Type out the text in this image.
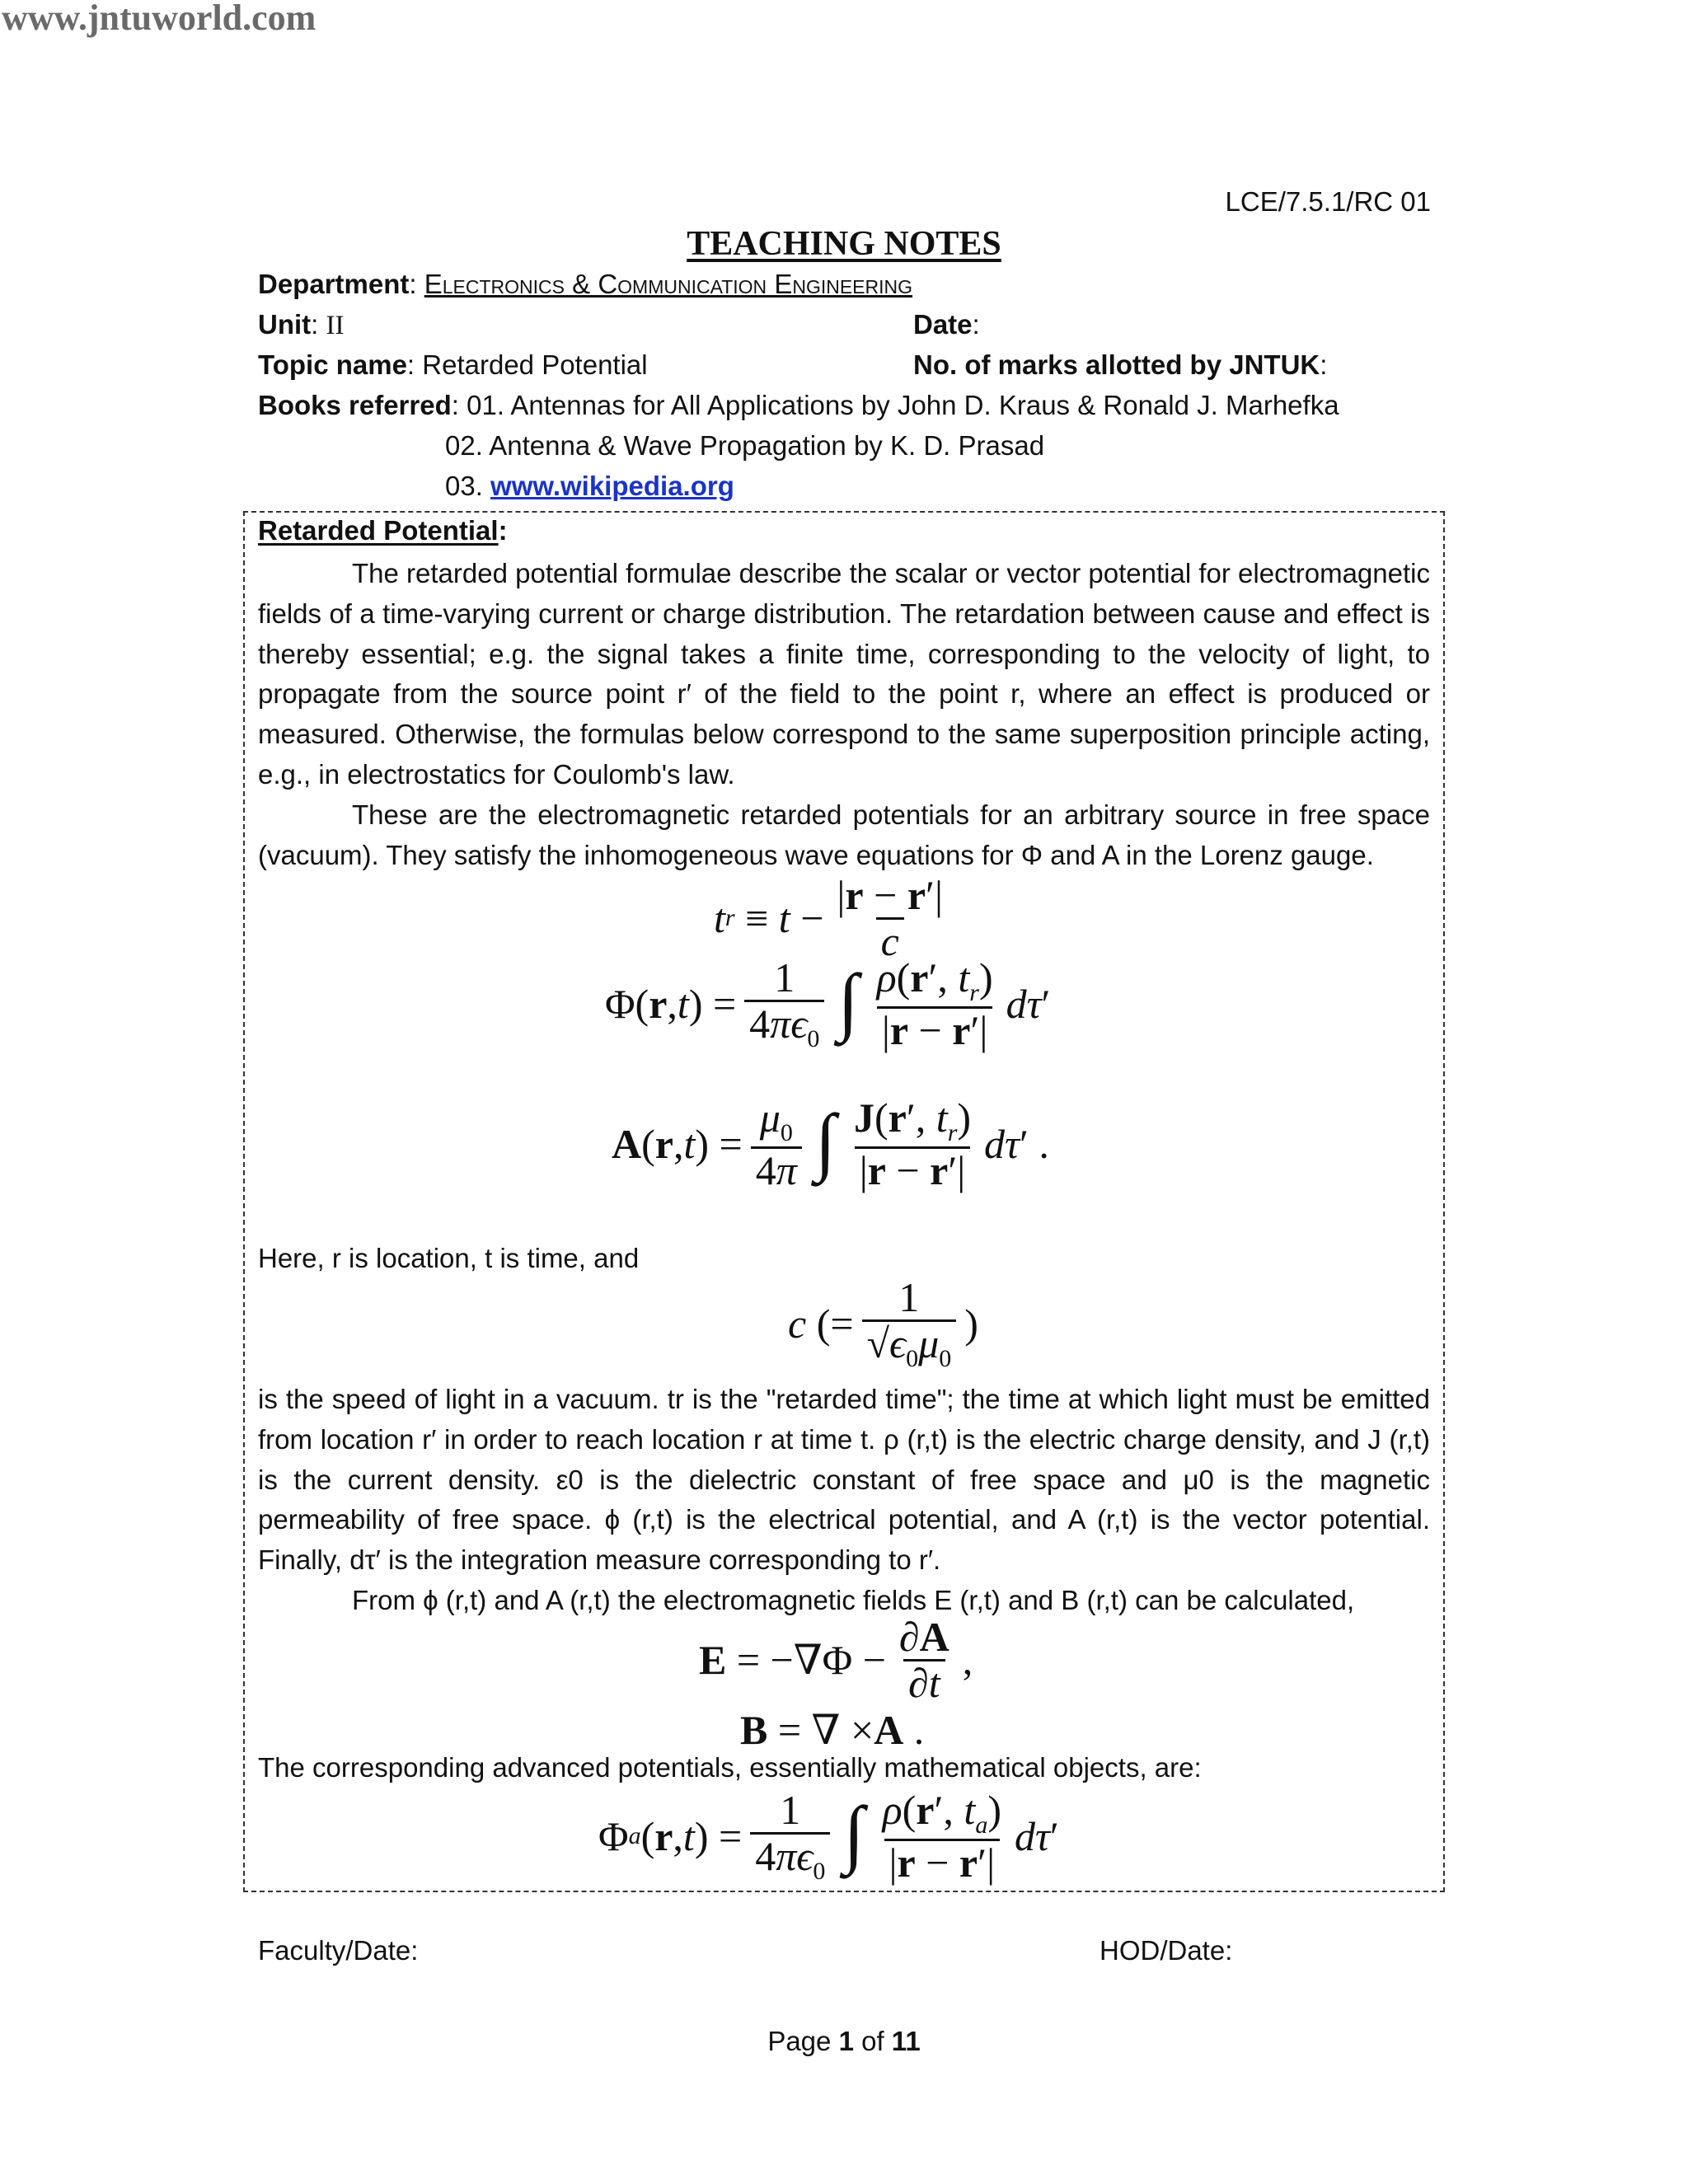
www.jntuworld.com
LCE/7.5.1/RC 01
TEACHING NOTES
Department: Electronics & Communication Engineering
Unit: II	Date:
Topic name: Retarded Potential	No. of marks allotted by JNTUK:
Books referred: 01. Antennas for All Applications by John D. Kraus & Ronald J. Marhefka
02. Antenna & Wave Propagation by K. D. Prasad
03. www.wikipedia.org
Retarded Potential:
The retarded potential formulae describe the scalar or vector potential for electromagnetic fields of a time-varying current or charge distribution. The retardation between cause and effect is thereby essential; e.g. the signal takes a finite time, corresponding to the velocity of light, to propagate from the source point r′ of the field to the point r, where an effect is produced or measured. Otherwise, the formulas below correspond to the same superposition principle acting, e.g., in electrostatics for Coulomb's law.
These are the electromagnetic retarded potentials for an arbitrary source in free space (vacuum). They satisfy the inhomogeneous wave equations for Φ and A in the Lorenz gauge.
t $r \equiv t - \frac{|r - r'|}{c}$
Φ( r , t ) = $\frac{1}{4\pi\epsilon_0}$ ∫ $\frac{\rho(r', t_r)}{|r - r'|}$ dτ ′
A ( r , t ) = $\frac{\mu_0}{4\pi}$ ∫ $\frac{J(r', t_r)}{|r - r'|}$ dτ ′ .
Here, r is location, t is time, and
c (= $\frac{1}{√\epsilon_0\mu_0}$ )
is the speed of light in a vacuum. tr is the "retarded time"; the time at which light must be emitted from location r′ in order to reach location r at time t. ρ (r,t) is the electric charge density, and J (r,t) is the current density. ε0 is the dielectric constant of free space and μ0 is the magnetic permeability of free space. ϕ (r,t) is the electrical potential, and A (r,t) is the vector potential. Finally, dτ′ is the integration measure corresponding to r′.
From ϕ (r,t) and A (r,t) the electromagnetic fields E (r,t) and B (r,t) can be calculated,
$E = -\nabla\Phi - \frac{\partial A}{\partial t}$ ,
B = ∇ × A .
The corresponding advanced potentials, essentially mathematical objects, are:
Φ a ( r , t ) = $\frac{1}{4\pi\epsilon_0}$ ∫ $\frac{\rho(r', t_a)}{|r - r'|}$ dτ ′
Faculty/Date:	HOD/Date:
Page 1 of 11
